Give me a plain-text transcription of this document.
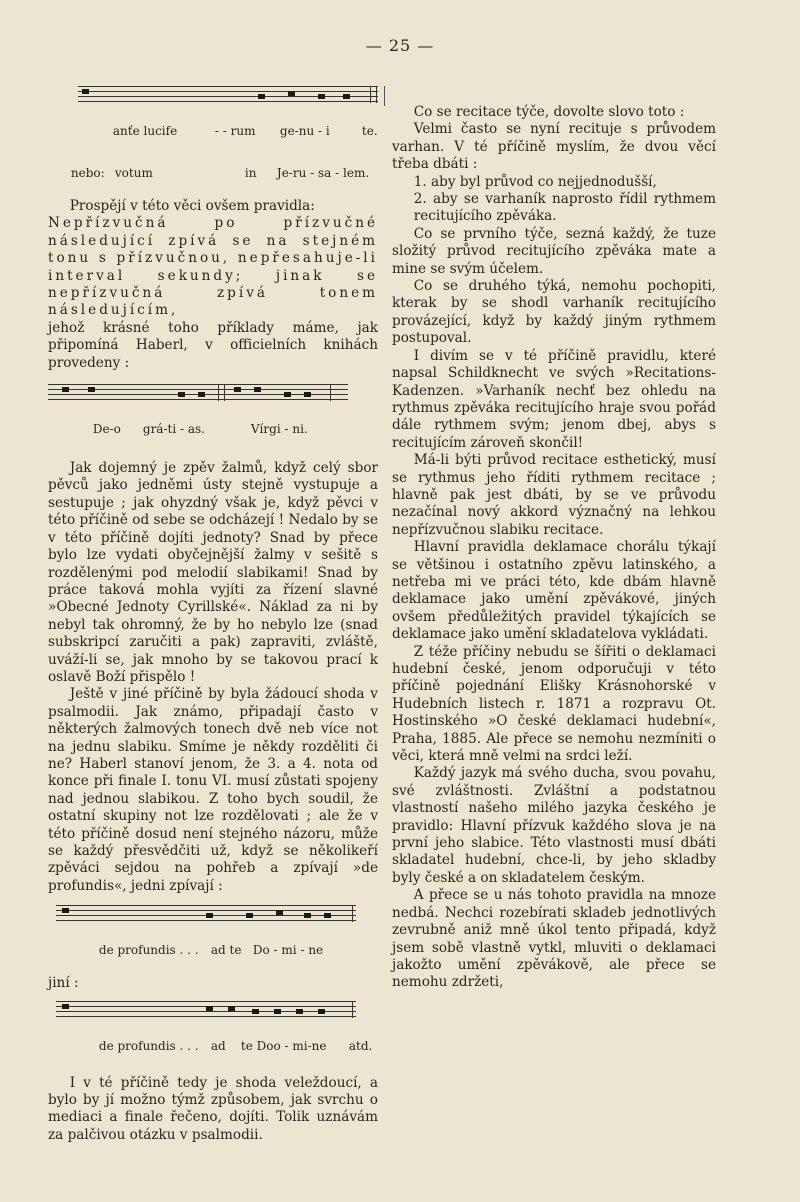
— 25 —

anťe lucife	- - rum ge-nu - i	te.

nebo: votum	in Je-ru - sa - lem.

Prospějí v této věci ovšem pravidla:

Nepřízvučná po přízvučné následující zpívá se na stejném tonu s přízvučnou, nepřesahuje-li interval sekundy; jinak se nepřízvučná zpívá tonem následujícím,

jehož krásné toho příklady máme, jak připomíná Haberl, v officielních knihách provedeny :

De-o grá-ti - as.	Vírgi - ni.

Jak dojemný je zpěv žalmů, když celý sbor pěvců jako jedněmi ústy stejně vystupuje a sestupuje ; jak ohyzdný však je, když pěvci v této příčině od sebe se odcházejí ! Nedalo by se v této příčině dojíti jednoty? Snad by přece bylo lze vydati obyčejnější žalmy v sešitě s rozdělenými pod melodií slabikami! Snad by práce taková mohla vyjíti za řízení slavné »Obecné Jednoty Cyrillské«. Náklad za ni by nebyl tak ohromný, že by ho nebylo lze (snad subskripcí zaručiti a pak) zapraviti, zvláště, uváží-li se, jak mnoho by se takovou prací k oslavě Boží přispělo !

Ještě v jiné příčině by byla žádoucí shoda v psalmodii. Jak známo, připadají často v některých žalmových tonech dvě neb více not na jednu slabiku. Smíme je někdy rozděliti či ne? Haberl stanoví jenom, že 3. a 4. nota od konce při finale I. tonu VI. musí zůstati spojeny nad jednou slabikou. Z toho bych soudil, že ostatní skupiny not lze rozdělovati ; ale že v této příčině dosud není stejného názoru, může se každý přesvědčiti už, když se několikeří zpěváci sejdou na pohřeb a zpívají »de profundis«, jedni zpívají :

de profundis . . . ad te Do - mi - ne

jiní :

de profundis . . . ad te Doo - mi-ne atd.

I v té příčině tedy je shoda veleždoucí, a bylo by jí možno týmž způsobem, jak svrchu o mediaci a finale řečeno, dojíti. Tolik uznávám za palčivou otázku v psalmodii.

Co se recitace týče, dovolte slovo toto :

Velmi často se nyní recituje s průvodem varhan. V té příčině myslím, že dvou věcí třeba dbáti :

1. aby byl průvod co nejjednodušší,

2. aby se varhaník naprosto řídil rythmem recitujícího zpěváka.

Co se prvního týče, sezná každý, že tuze složitý průvod recitujícího zpěváka mate a mine se svým účelem.

Co se druhého týká, nemohu pochopiti, kterak by se shodl varhaník recitujícího provázející, když by každý jiným rythmem postupoval.

I divím se v té příčině pravidlu, které napsal Schildknecht ve svých »Recitations-Kadenzen. »Varhaník nechť bez ohledu na rythmus zpěváka recitujícího hraje svou pořád dále rythmem svým; jenom dbej, abys s recitujícím zároveň skončil!

Má-li býti průvod recitace esthetický, musí se rythmus jeho říditi rythmem recitace ; hlavně pak jest dbáti, by se ve průvodu nezačínal nový akkord význačný na lehkou nepřízvučnou slabiku recitace.

Hlavní pravidla deklamace chorálu týkají se většinou i ostatního zpěvu latinského, a netřeba mi ve práci této, kde dbám hlavně deklamace jako umění zpěvákové, jiných ovšem předůležitých pravidel týkajících se deklamace jako umění skladatelova vykládati.

Z téže příčiny nebudu se šířiti o deklamaci hudební české, jenom odporučuji v této příčině pojednání Elišky Krásnohorské v Hudebních listech r. 1871 a rozpravu Ot. Hostinského »O české deklamaci hudební«, Praha, 1885. Ale přece se nemohu nezmíniti o věci, která mně velmi na srdci leží.

Každý jazyk má svého ducha, svou povahu, své zvláštnosti. Zvláštní a podstatnou vlastností našeho milého jazyka českého je pravidlo: Hlavní přízvuk každého slova je na první jeho slabice. Této vlastnosti musí dbáti skladatel hudební, chce-li, by jeho skladby byly české a on skladatelem českým.

A přece se u nás tohoto pravidla na mnoze nedbá. Nechci rozebírati skladeb jednotlivých zevrubně aniž mně úkol tento připadá, když jsem sobě vlastně vytkl, mluviti o deklamaci jakožto umění zpěvákově, ale přece se nemohu zdržeti,
